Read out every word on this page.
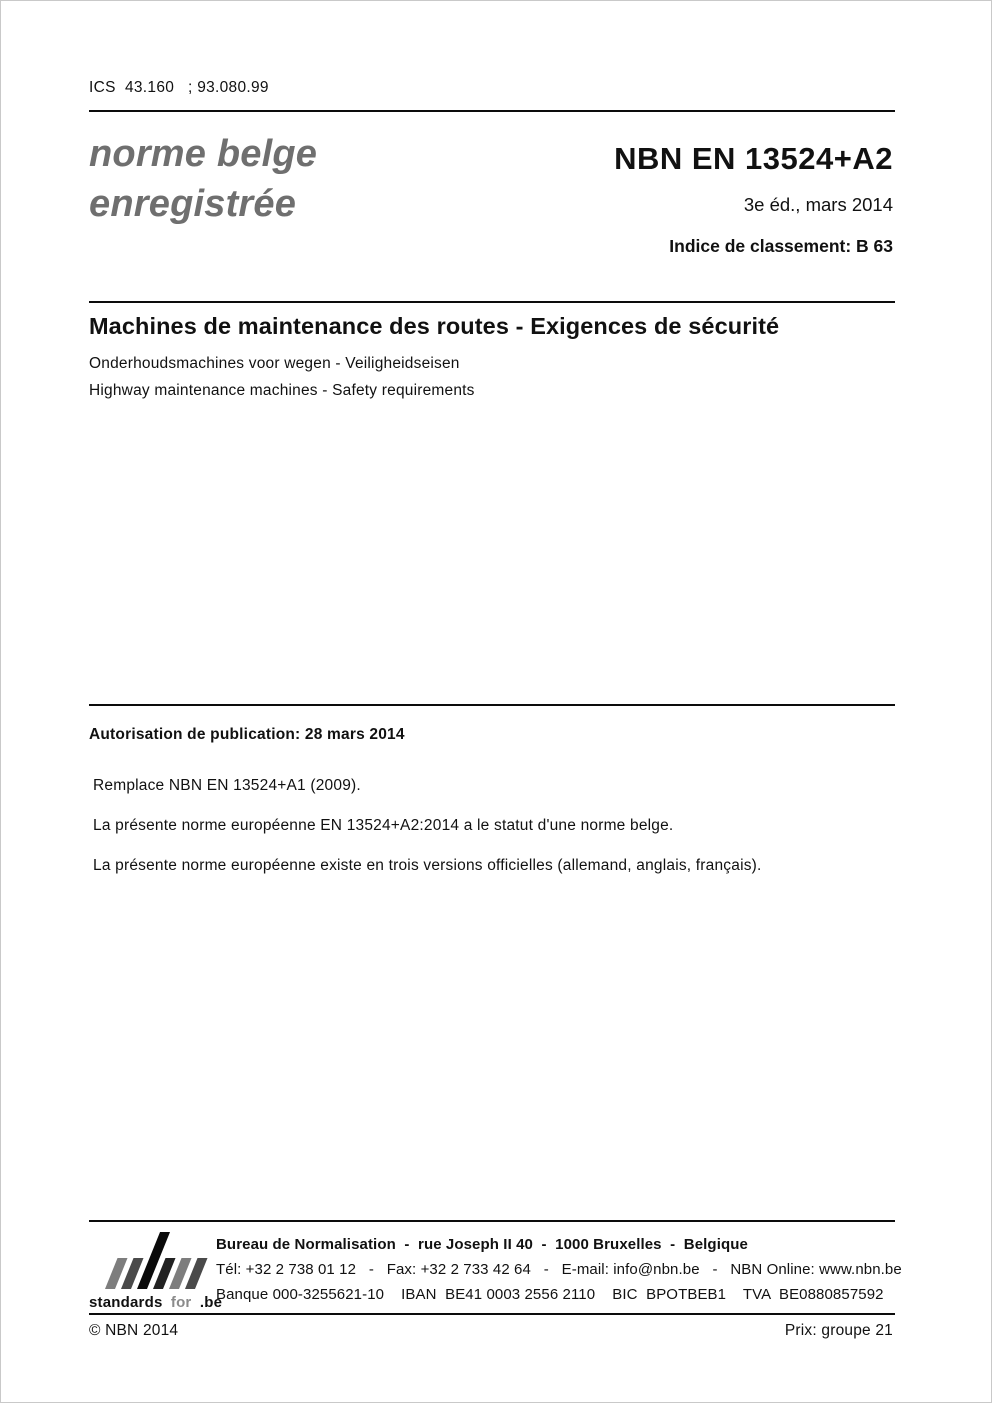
ICS  43.160   ; 93.080.99
norme belge
enregistrée
NBN EN 13524+A2
3e éd., mars 2014
Indice de classement: B 63
Machines de maintenance des routes - Exigences de sécurité

Onderhoudsmachines voor wegen - Veiligheidseisen

Highway maintenance machines - Safety requirements

Autorisation de publication: 28 mars 2014

Remplace NBN EN 13524+A1 (2009).

La présente norme européenne EN 13524+A2:2014 a le statut d'une norme belge.

La présente norme européenne existe en trois versions officielles (allemand, anglais, français).

standards for .be
Bureau de Normalisation  -  rue Joseph II 40  -  1000 Bruxelles  -  Belgique
Tél: +32 2 738 01 12   -   Fax: +32 2 733 42 64   -   E-mail: info@nbn.be   -   NBN Online: www.nbn.be
Banque 000-3255621-10    IBAN  BE41 0003 2556 2110    BIC  BPOTBEB1    TVA  BE0880857592
© NBN 2014	Prix: groupe 21
